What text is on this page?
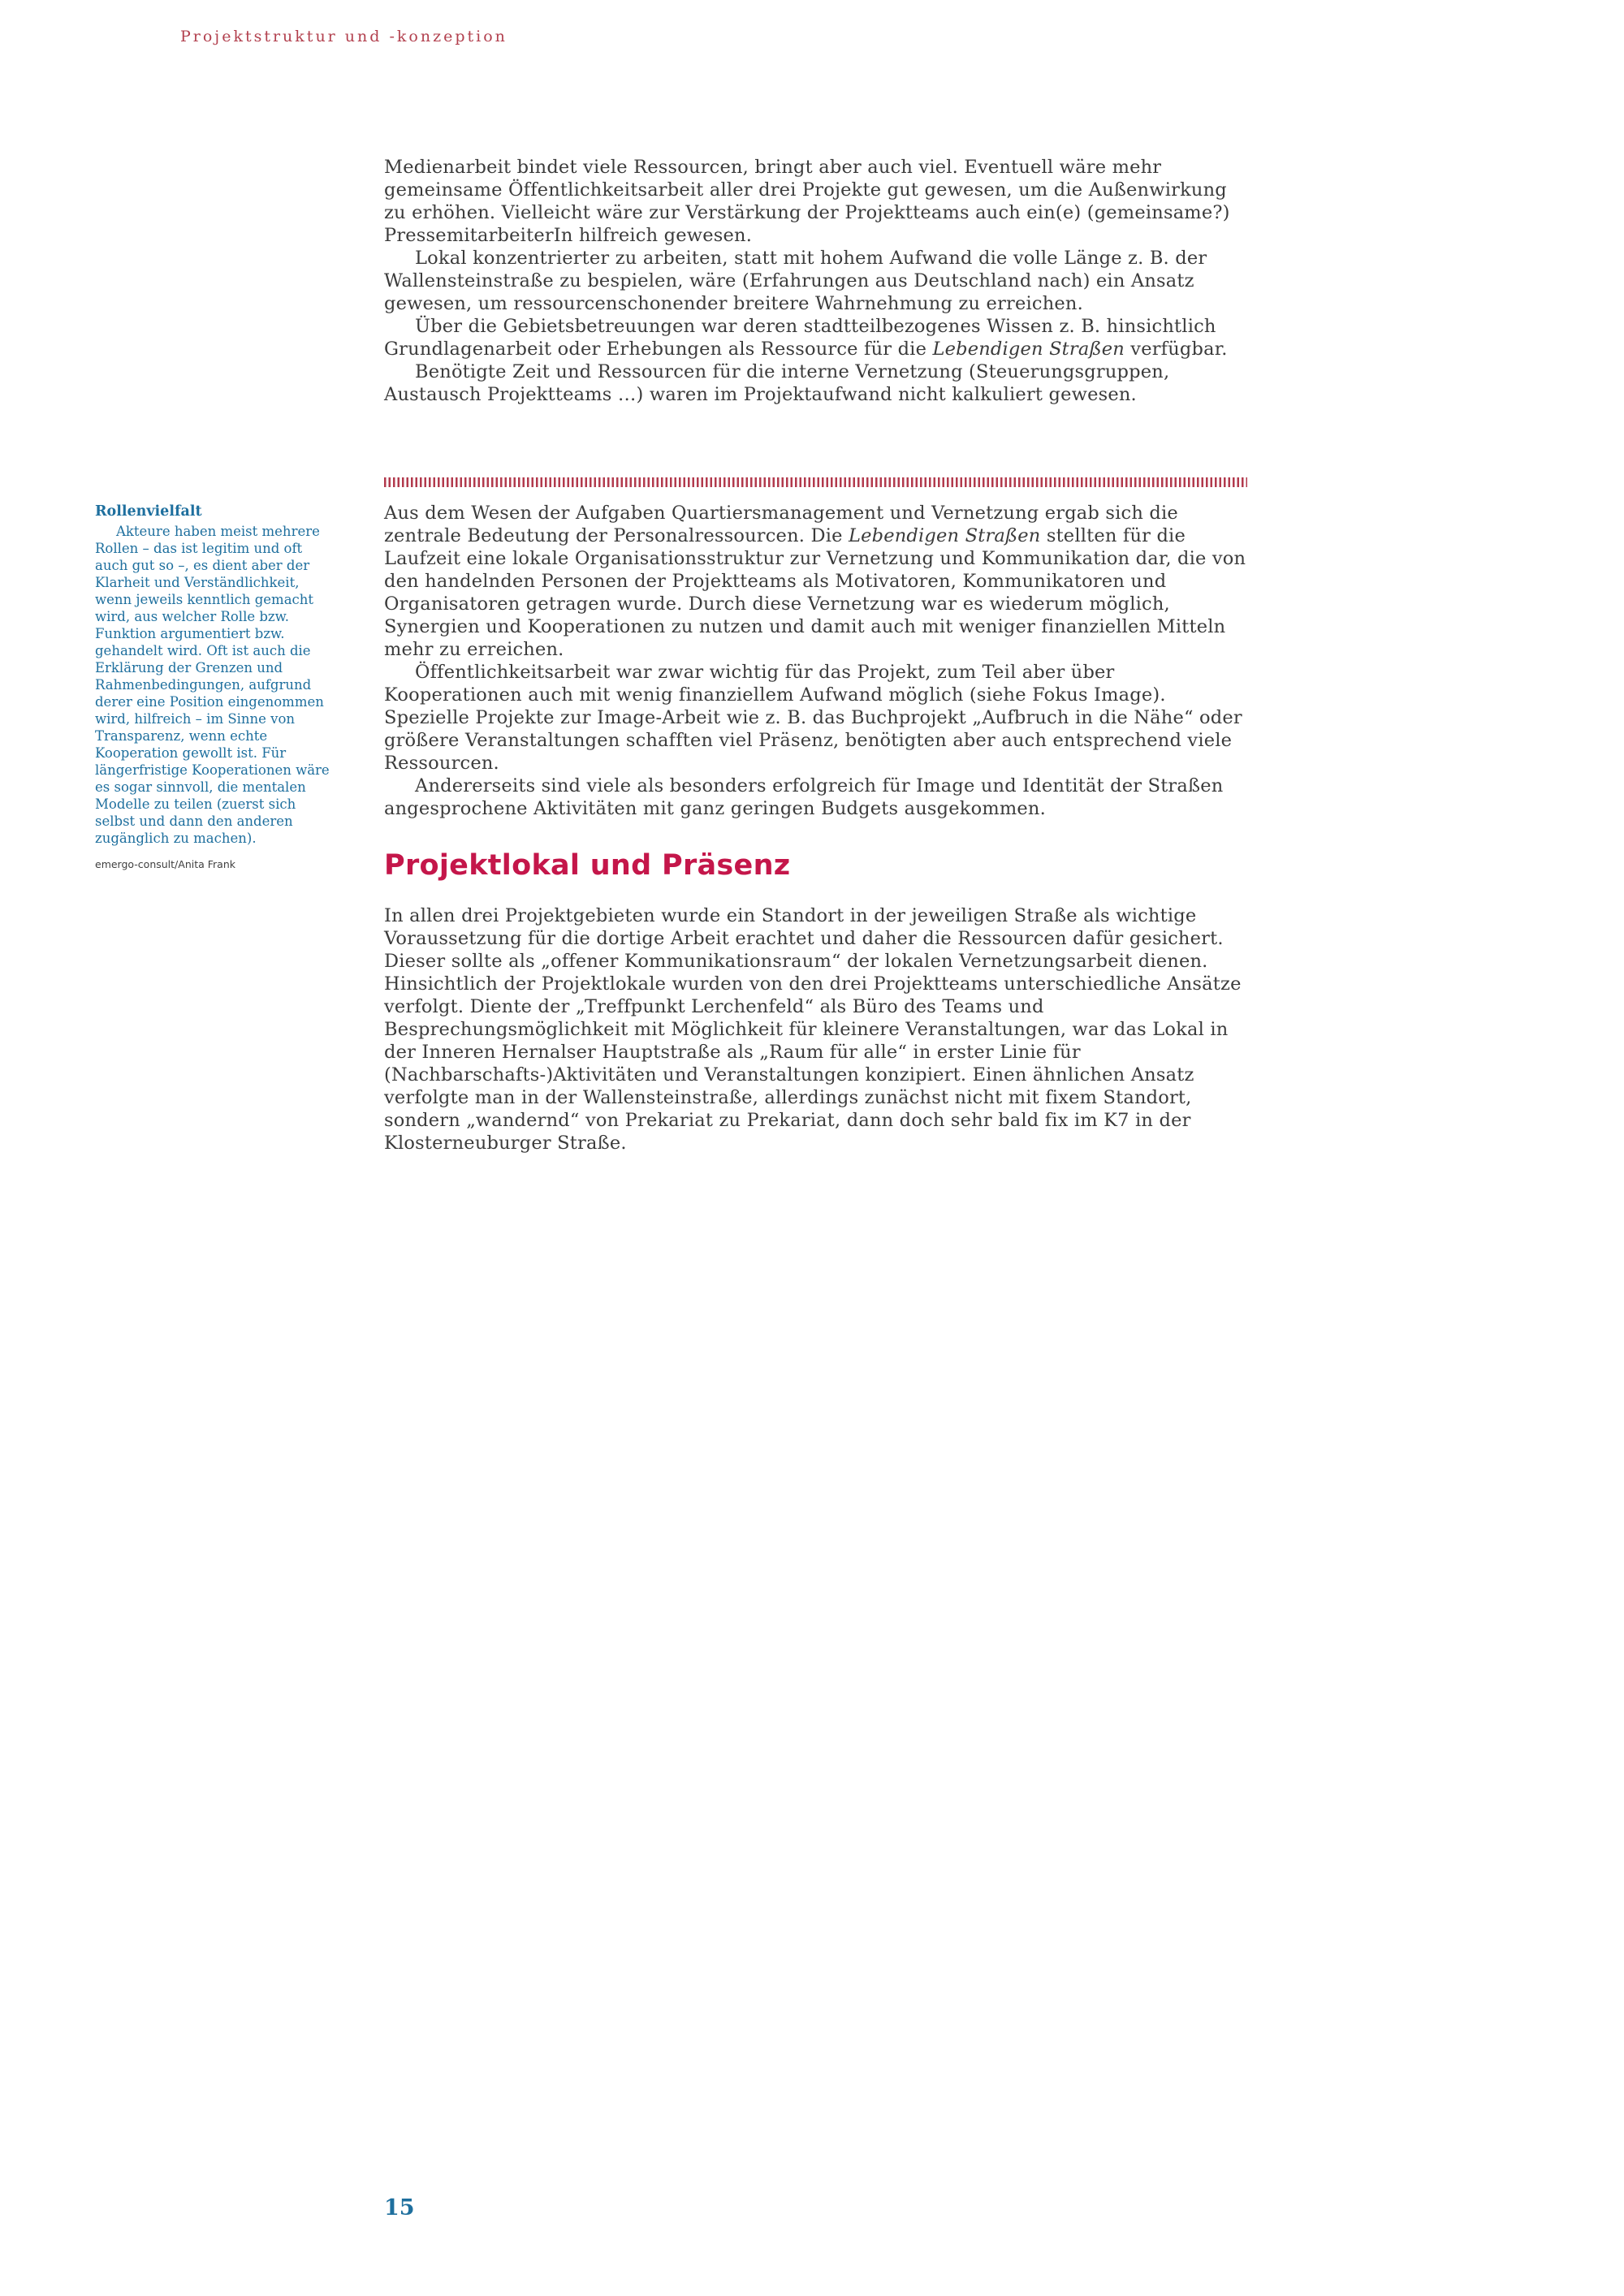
Projektstruktur und -konzeption

Medienarbeit bindet viele Ressourcen, bringt aber auch viel. Eventuell wäre mehr gemeinsame Öffentlichkeitsarbeit aller drei Projekte gut gewesen, um die Außenwirkung zu erhöhen. Vielleicht wäre zur Verstärkung der Projektteams auch ein(e) (gemeinsame?) PressemitarbeiterIn hilfreich gewesen.

Lokal konzentrierter zu arbeiten, statt mit hohem Aufwand die volle Länge z. B. der Wallensteinstraße zu bespielen, wäre (Erfahrungen aus Deutschland nach) ein Ansatz gewesen, um ressourcenschonender breitere Wahrnehmung zu erreichen.

Über die Gebietsbetreuungen war deren stadtteilbezogenes Wissen z. B. hinsichtlich Grundlagenarbeit oder Erhebungen als Ressource für die Lebendigen Straßen verfügbar.

Benötigte Zeit und Ressourcen für die interne Vernetzung (Steuerungsgruppen, Austausch Projektteams …) waren im Projektaufwand nicht kalkuliert gewesen.

Rollenvielfalt

Akteure haben meist mehrere Rollen – das ist legitim und oft auch gut so –, es dient aber der Klarheit und Verständlichkeit, wenn jeweils kenntlich gemacht wird, aus welcher Rolle bzw. Funktion argumentiert bzw. gehandelt wird. Oft ist auch die Erklärung der Grenzen und Rahmenbedingungen, aufgrund derer eine Position eingenommen wird, hilfreich – im Sinne von Transparenz, wenn echte Kooperation gewollt ist. Für längerfristige Kooperationen wäre es sogar sinnvoll, die mentalen Modelle zu teilen (zuerst sich selbst und dann den anderen zugänglich zu machen).

emergo-consult/Anita Frank

Aus dem Wesen der Aufgaben Quartiersmanagement und Vernetzung ergab sich die zentrale Bedeutung der Personalressourcen. Die Lebendigen Straßen stellten für die Laufzeit eine lokale Organisationsstruktur zur Vernetzung und Kommunikation dar, die von den handelnden Personen der Projektteams als Motivatoren, Kommunikatoren und Organisatoren getragen wurde. Durch diese Vernetzung war es wiederum möglich, Synergien und Kooperationen zu nutzen und damit auch mit weniger finanziellen Mitteln mehr zu erreichen.

Öffentlichkeitsarbeit war zwar wichtig für das Projekt, zum Teil aber über Kooperationen auch mit wenig finanziellem Aufwand möglich (siehe Fokus Image). Spezielle Projekte zur Image-Arbeit wie z. B. das Buchprojekt „Aufbruch in die Nähe“ oder größere Veranstaltungen schafften viel Präsenz, benötigten aber auch entsprechend viele Ressourcen.

Andererseits sind viele als besonders erfolgreich für Image und Identität der Straßen angesprochene Aktivitäten mit ganz geringen Budgets ausgekommen.

Projektlokal und Präsenz

In allen drei Projektgebieten wurde ein Standort in der jeweiligen Straße als wichtige Voraussetzung für die dortige Arbeit erachtet und daher die Ressourcen dafür gesichert. Dieser sollte als „offener Kommunikationsraum“ der lokalen Vernetzungsarbeit dienen. Hinsichtlich der Projektlokale wurden von den drei Projektteams unterschiedliche Ansätze verfolgt. Diente der „Treffpunkt Lerchenfeld“ als Büro des Teams und Besprechungsmöglichkeit mit Möglichkeit für kleinere Veranstaltungen, war das Lokal in der Inneren Hernalser Hauptstraße als „Raum für alle“ in erster Linie für (Nachbarschafts-)Aktivitäten und Veranstaltungen konzipiert. Einen ähnlichen Ansatz verfolgte man in der Wallensteinstraße, allerdings zunächst nicht mit fixem Standort, sondern „wandernd“ von Prekariat zu Prekariat, dann doch sehr bald fix im K7 in der Klosterneuburger Straße.

15
